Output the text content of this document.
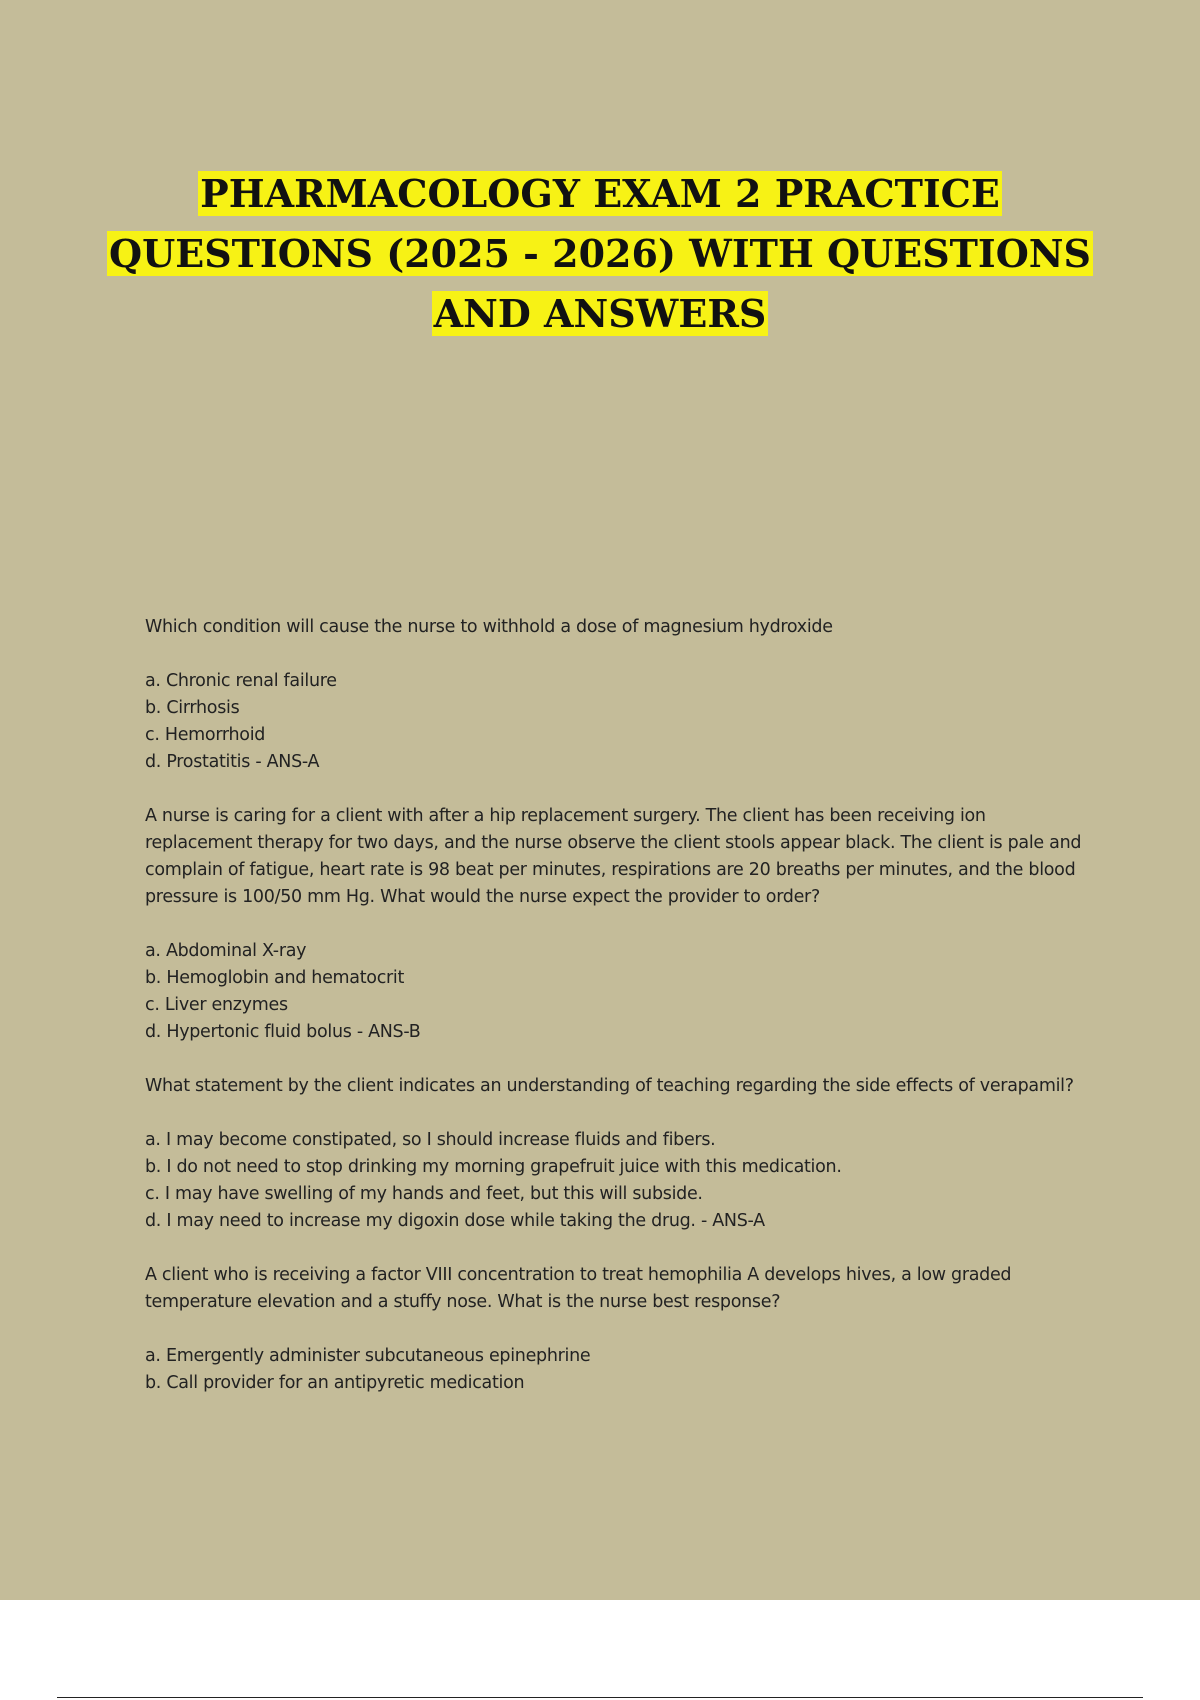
PHARMACOLOGY EXAM 2 PRACTICE
QUESTIONS (2025 - 2026) WITH QUESTIONS
AND ANSWERS
Which condition will cause the nurse to withhold a dose of magnesium hydroxide
a. Chronic renal failure
b. Cirrhosis
c. Hemorrhoid
d. Prostatitis - ANS-A
A nurse is caring for a client with after a hip replacement surgery. The client has been receiving ion replacement therapy for two days, and the nurse observe the client stools appear black. The client is pale and complain of fatigue, heart rate is 98 beat per minutes, respirations are 20 breaths per minutes, and the blood pressure is 100/50 mm Hg. What would the nurse expect the provider to order?
a. Abdominal X-ray
b. Hemoglobin and hematocrit
c. Liver enzymes
d. Hypertonic fluid bolus - ANS-B
What statement by the client indicates an understanding of teaching regarding the side effects of verapamil?
a. I may become constipated, so I should increase fluids and fibers.
b. I do not need to stop drinking my morning grapefruit juice with this medication.
c. I may have swelling of my hands and feet, but this will subside.
d. I may need to increase my digoxin dose while taking the drug. - ANS-A
A client who is receiving a factor VIII concentration to treat hemophilia A develops hives, a low graded temperature elevation and a stuffy nose. What is the nurse best response?
a. Emergently administer subcutaneous epinephrine
b. Call provider for an antipyretic medication
